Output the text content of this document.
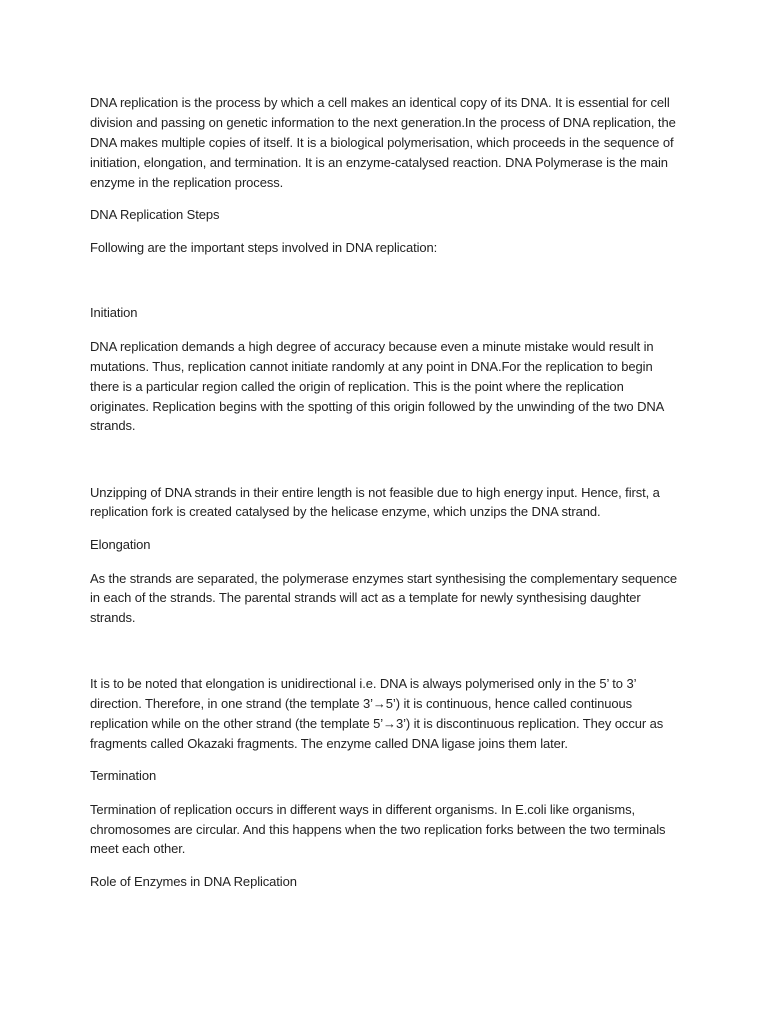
DNA replication is the process by which a cell makes an identical copy of its DNA. It is essential for cell

division and passing on genetic information to the next generation.In the process of DNA replication, the

DNA makes multiple copies of itself. It is a biological polymerisation, which proceeds in the sequence of

initiation, elongation, and termination. It is an enzyme-catalysed reaction. DNA Polymerase is the main

enzyme in the replication process.

DNA Replication Steps

Following are the important steps involved in DNA replication:

Initiation

DNA replication demands a high degree of accuracy because even a minute mistake would result in

mutations. Thus, replication cannot initiate randomly at any point in DNA.For the replication to begin

there is a particular region called the origin of replication. This is the point where the replication

originates. Replication begins with the spotting of this origin followed by the unwinding of the two DNA

strands.

Unzipping of DNA strands in their entire length is not feasible due to high energy input. Hence, first, a

replication fork is created catalysed by the helicase enzyme, which unzips the DNA strand.

Elongation

As the strands are separated, the polymerase enzymes start synthesising the complementary sequence

in each of the strands. The parental strands will act as a template for newly synthesising daughter

strands.

It is to be noted that elongation is unidirectional i.e. DNA is always polymerised only in the 5’ to 3’

direction. Therefore, in one strand (the template 3’→5’) it is continuous, hence called continuous

replication while on the other strand (the template 5’→3’) it is discontinuous replication. They occur as

fragments called Okazaki fragments. The enzyme called DNA ligase joins them later.

Termination

Termination of replication occurs in different ways in different organisms. In E.coli like organisms,

chromosomes are circular. And this happens when the two replication forks between the two terminals

meet each other.

Role of Enzymes in DNA Replication
